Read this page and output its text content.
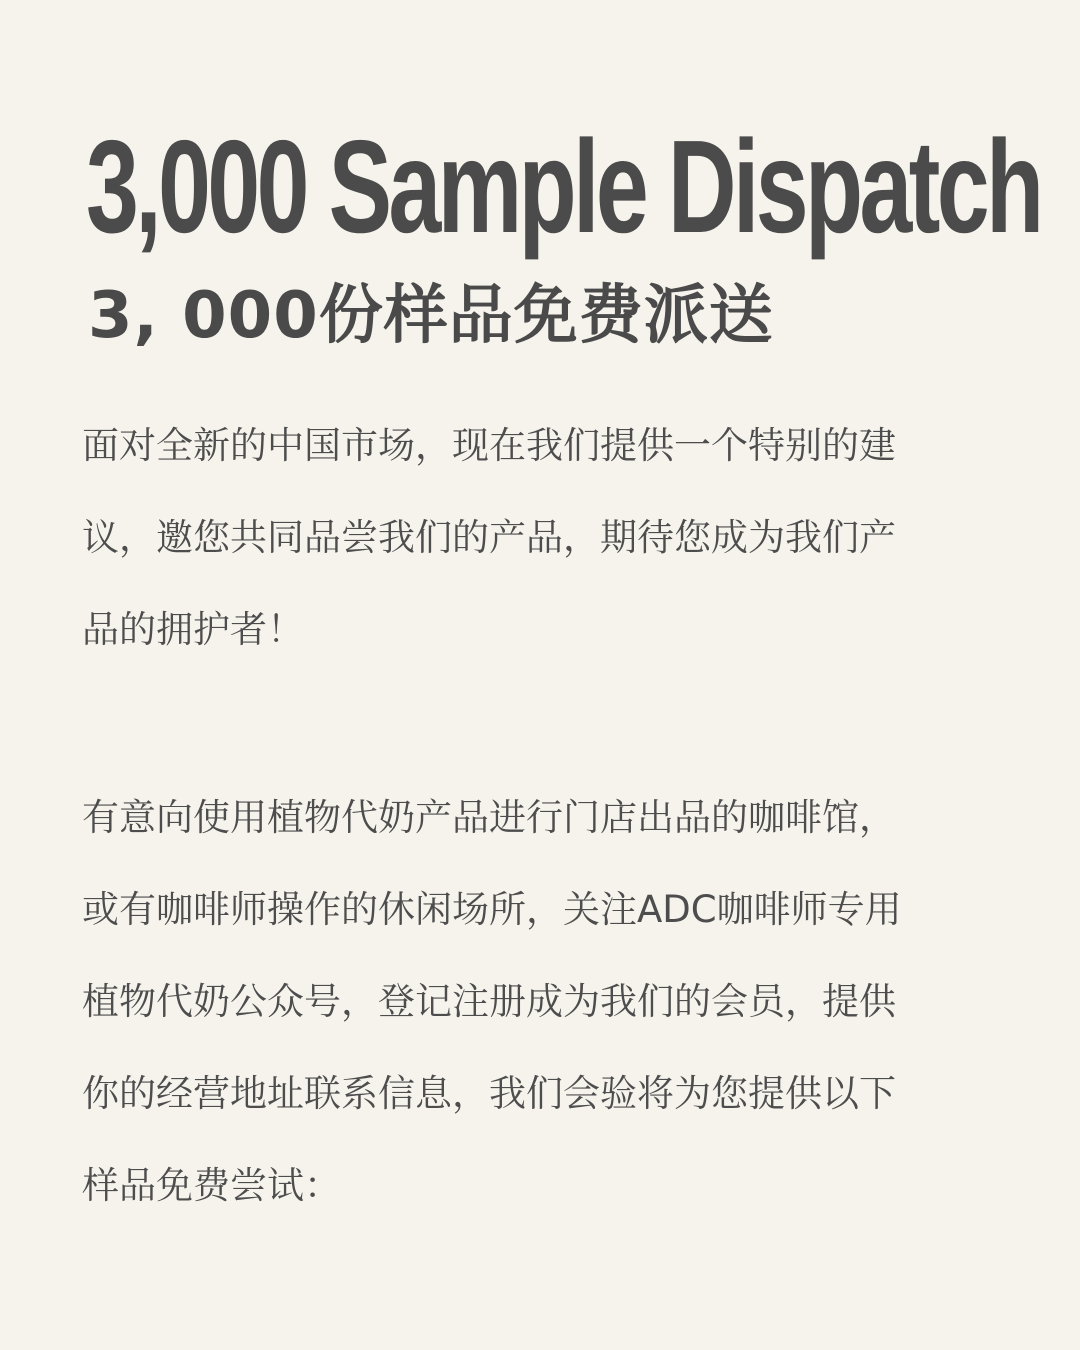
3,000 Sample Dispatch
3, 000份样品免费派送
面对全新的中国市场，现在我们提供一个特别的建
议，邀您共同品尝我们的产品，期待您成为我们产
品的拥护者！
有意向使用植物代奶产品进行门店出品的咖啡馆，
或有咖啡师操作的休闲场所，关注ADC咖啡师专用
植物代奶公众号，登记注册成为我们的会员，提供
你的经营地址联系信息，我们会验将为您提供以下
样品免费尝试：
